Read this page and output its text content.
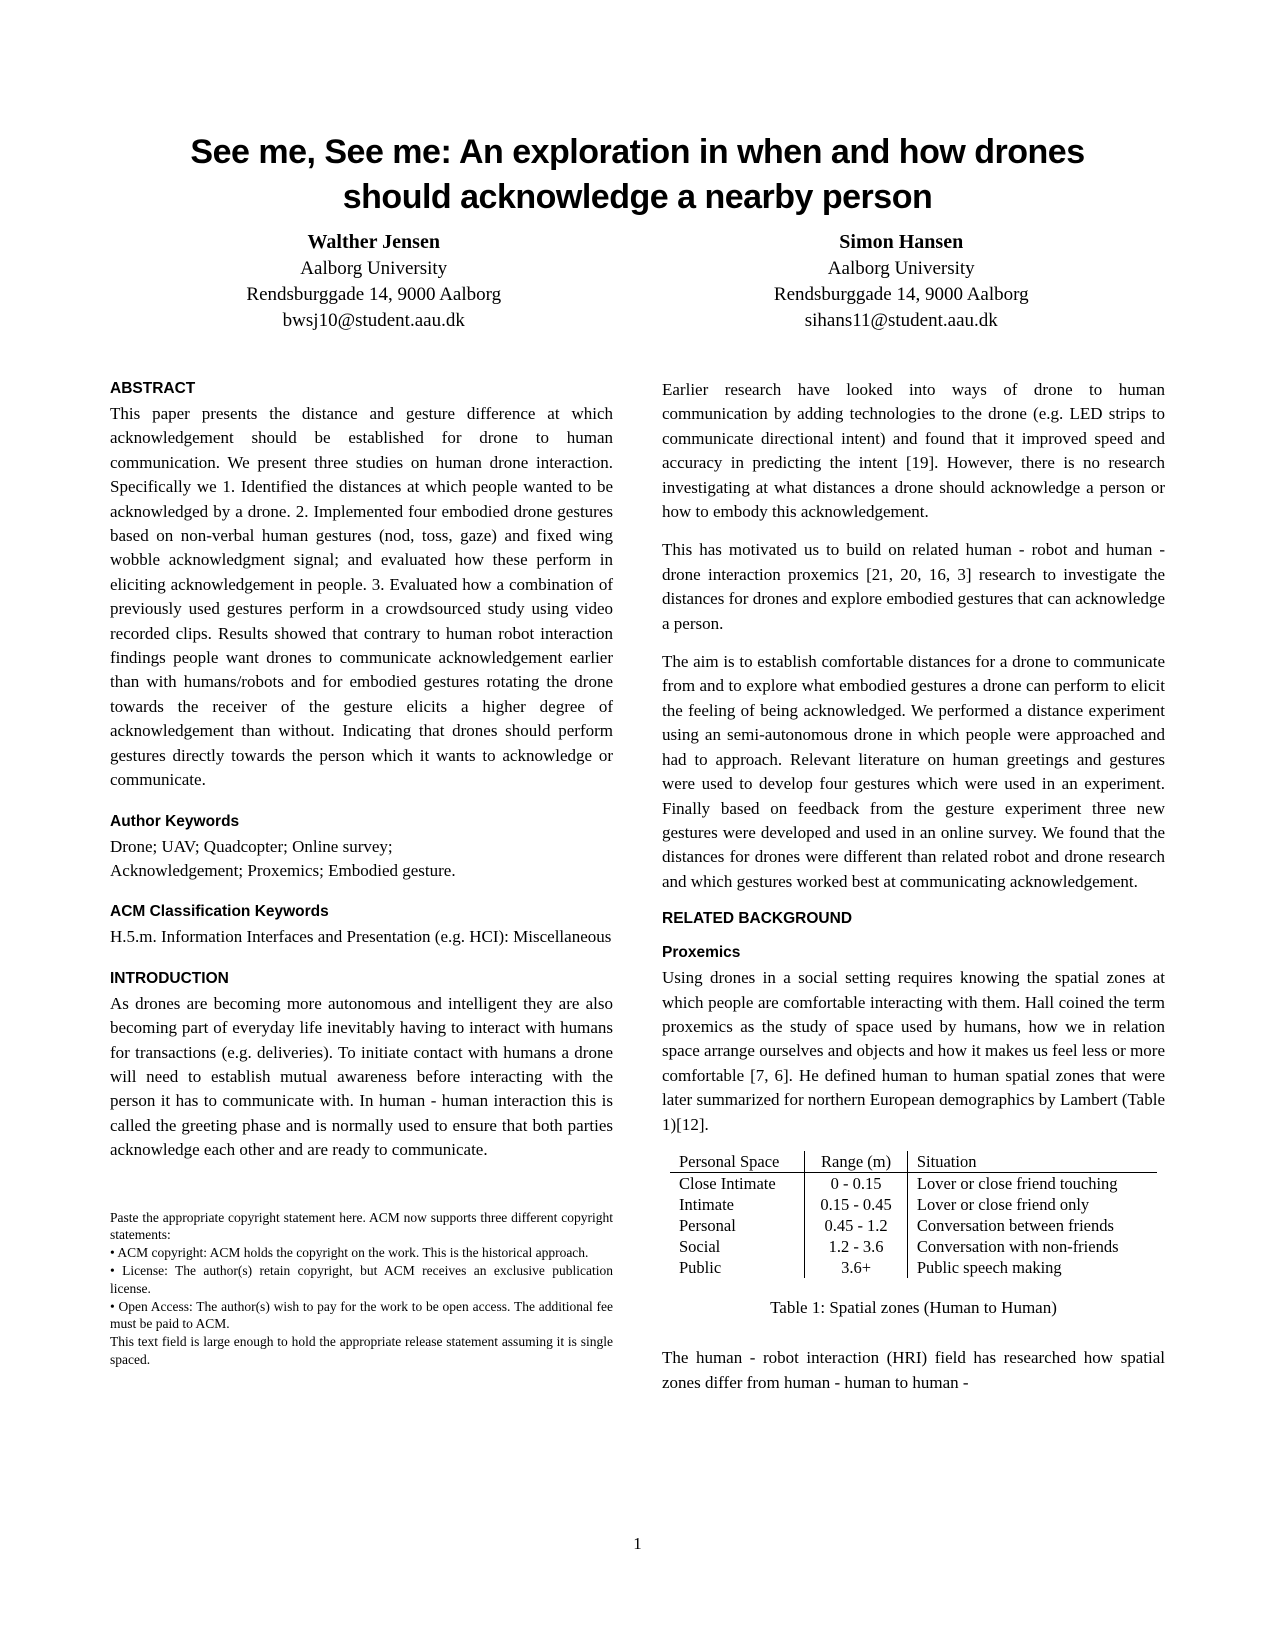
See me, See me: An exploration in when and how drones
should acknowledge a nearby person
Walther Jensen
Aalborg University
Rendsburggade 14, 9000 Aalborg
bwsj10@student.aau.dk
Simon Hansen
Aalborg University
Rendsburggade 14, 9000 Aalborg
sihans11@student.aau.dk
ABSTRACT

This paper presents the distance and gesture difference at which acknowledgement should be established for drone to human communication. We present three studies on human drone interaction. Specifically we 1. Identified the distances at which people wanted to be acknowledged by a drone. 2. Implemented four embodied drone gestures based on non-verbal human gestures (nod, toss, gaze) and fixed wing wobble acknowledgment signal; and evaluated how these perform in eliciting acknowledgement in people. 3. Evaluated how a combination of previously used gestures perform in a crowdsourced study using video recorded clips. Results showed that contrary to human robot interaction findings people want drones to communicate acknowledgement earlier than with humans/robots and for embodied gestures rotating the drone towards the receiver of the gesture elicits a higher degree of acknowledgement than without. Indicating that drones should perform gestures directly towards the person which it wants to acknowledge or communicate.

Author Keywords

Drone; UAV; Quadcopter; Online survey;

Acknowledgement; Proxemics; Embodied gesture.

ACM Classification Keywords

H.5.m. Information Interfaces and Presentation (e.g. HCI): Miscellaneous

INTRODUCTION

As drones are becoming more autonomous and intelligent they are also becoming part of everyday life inevitably having to interact with humans for transactions (e.g. deliveries). To initiate contact with humans a drone will need to establish mutual awareness before interacting with the person it has to communicate with. In human - human interaction this is called the greeting phase and is normally used to ensure that both parties acknowledge each other and are ready to communicate.

Paste the appropriate copyright statement here. ACM now supports three different copyright statements:

• ACM copyright: ACM holds the copyright on the work. This is the historical approach.

• License: The author(s) retain copyright, but ACM receives an exclusive publication license.

• Open Access: The author(s) wish to pay for the work to be open access. The additional fee must be paid to ACM.

This text field is large enough to hold the appropriate release statement assuming it is single spaced.

Earlier research have looked into ways of drone to human communication by adding technologies to the drone (e.g. LED strips to communicate directional intent) and found that it improved speed and accuracy in predicting the intent [19]. However, there is no research investigating at what distances a drone should acknowledge a person or how to embody this acknowledgement.

This has motivated us to build on related human - robot and human - drone interaction proxemics [21, 20, 16, 3] research to investigate the distances for drones and explore embodied gestures that can acknowledge a person.

The aim is to establish comfortable distances for a drone to communicate from and to explore what embodied gestures a drone can perform to elicit the feeling of being acknowledged. We performed a distance experiment using an semi-autonomous drone in which people were approached and had to approach. Relevant literature on human greetings and gestures were used to develop four gestures which were used in an experiment. Finally based on feedback from the gesture experiment three new gestures were developed and used in an online survey. We found that the distances for drones were different than related robot and drone research and which gestures worked best at communicating acknowledgement.

RELATED BACKGROUND
Proxemics

Using drones in a social setting requires knowing the spatial zones at which people are comfortable interacting with them. Hall coined the term proxemics as the study of space used by humans, how we in relation space arrange ourselves and objects and how it makes us feel less or more comfortable [7, 6]. He defined human to human spatial zones that were later summarized for northern European demographics by Lambert (Table 1)[12].

Personal Space	Range (m)	Situation
Close Intimate	0 - 0.15	Lover or close friend touching
Intimate	0.15 - 0.45	Lover or close friend only
Personal	0.45 - 1.2	Conversation between friends
Social	1.2 - 3.6	Conversation with non-friends
Public	3.6+	Public speech making
Table 1: Spatial zones (Human to Human)

The human - robot interaction (HRI) field has researched how spatial zones differ from human - human to human -

1
